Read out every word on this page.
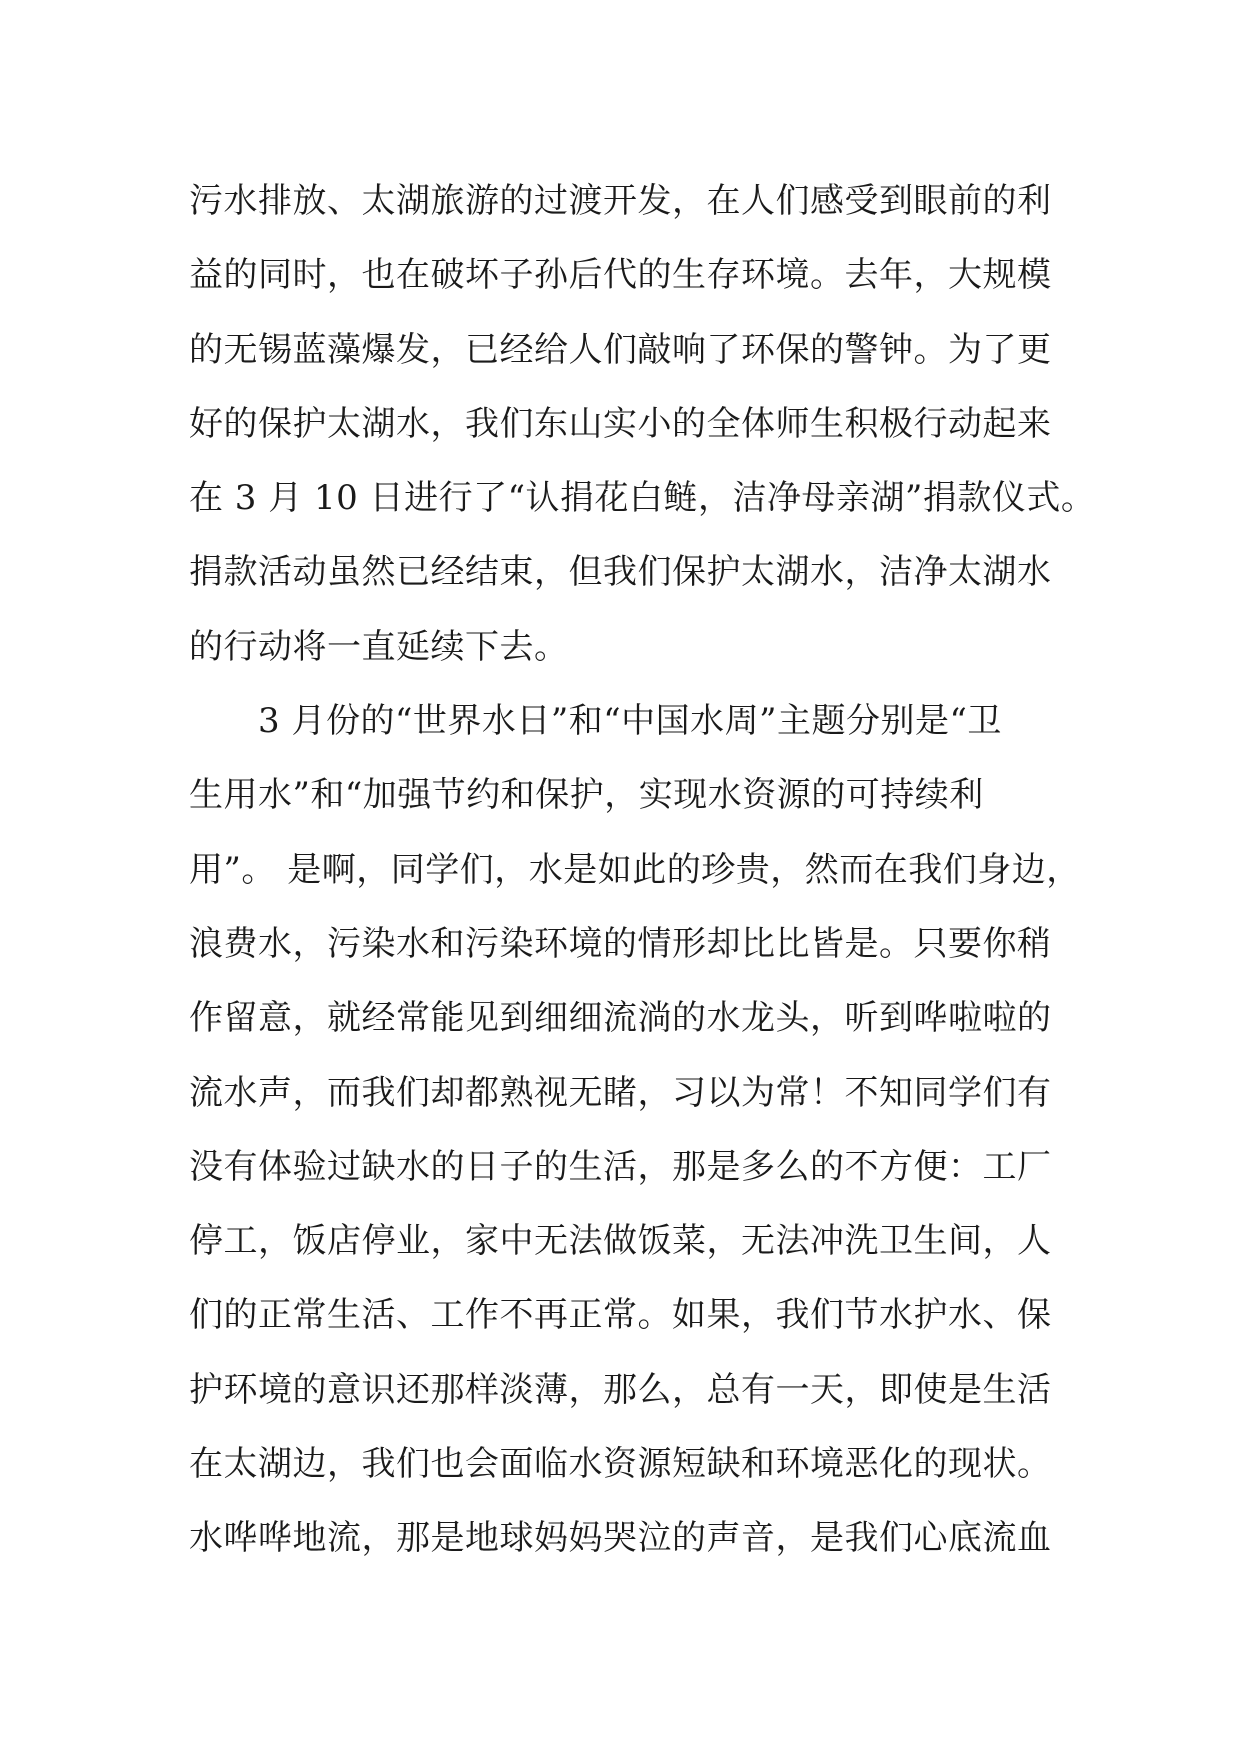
污水排放、太湖旅游的过渡开发，在人们感受到眼前的利
益的同时，也在破坏子孙后代的生存环境。去年，大规模
的无锡蓝藻爆发，已经给人们敲响了环保的警钟。为了更
好的保护太湖水，我们东山实小的全体师生积极行动起来
在 3 月 10 日进行了“认捐花白鲢，洁净母亲湖”捐款仪式。
捐款活动虽然已经结束，但我们保护太湖水，洁净太湖水
的行动将一直延续下去。
　　3 月份的“世界水日”和“中国水周”主题分别是“卫
生用水”和“加强节约和保护，实现水资源的可持续利
用”。 是啊，同学们，水是如此的珍贵，然而在我们身边，
浪费水，污染水和污染环境的情形却比比皆是。只要你稍
作留意，就经常能见到细细流淌的水龙头，听到哗啦啦的
流水声，而我们却都熟视无睹，习以为常！不知同学们有
没有体验过缺水的日子的生活，那是多么的不方便：工厂
停工，饭店停业，家中无法做饭菜，无法冲洗卫生间，人
们的正常生活、工作不再正常。如果，我们节水护水、保
护环境的意识还那样淡薄，那么，总有一天，即使是生活
在太湖边，我们也会面临水资源短缺和环境恶化的现状。
水哗哗地流，那是地球妈妈哭泣的声音，是我们心底流血
